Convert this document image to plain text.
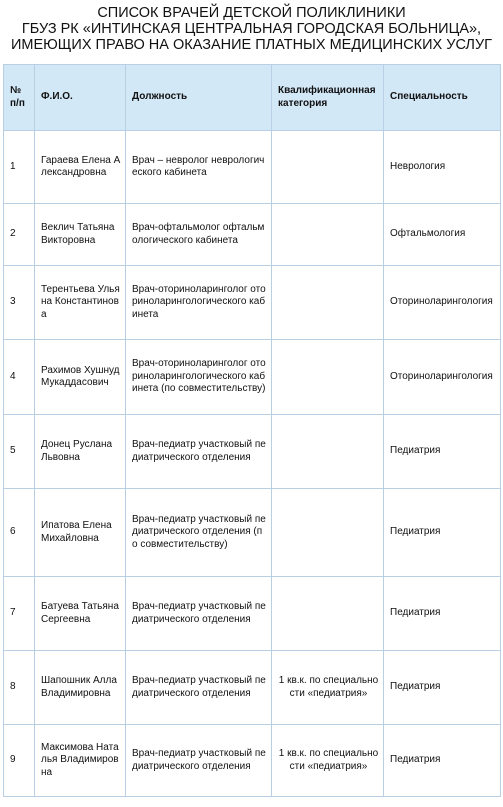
СПИСОК ВРАЧЕЙ ДЕТСКОЙ ПОЛИКЛИНИКИ
ГБУЗ РК «ИНТИНСКАЯ ЦЕНТРАЛЬНАЯ ГОРОДСКАЯ БОЛЬНИЦА»,
ИМЕЮЩИХ ПРАВО НА ОКАЗАНИЕ ПЛАТНЫХ МЕДИЦИНСКИХ УСЛУГ
№ п/п	Ф.И.О.	Должность	Квалификационная категория	Специальность
1	Гараева Елена Александровна	Врач – невролог неврологического кабинета		Неврология
2	Веклич Татьяна Викторовна	Врач-офтальмолог офтальмологического кабинета		Офтальмология
3	Терентьева Ульяна Константинова	Врач-оториноларинголог оториноларингологического кабинета		Оториноларингология
4	Рахимов Хушнуд Мукаддасович	Врач-оториноларинголог оториноларингологического кабинета (по совместительству)		Оториноларингология
5	Донец Руслана Львовна	Врач-педиатр участковый педиатрического отделения		Педиатрия
6	Ипатова Елена Михайловна	Врач-педиатр участковый педиатрического отделения (по совместительству)		Педиатрия
7	Батуева Татьяна Сергеевна	Врач-педиатр участковый педиатрического отделения		Педиатрия
8	Шапошник Алла Владимировна	Врач-педиатр участковый педиатрического отделения	1 кв.к. по специальности «педиатрия»	Педиатрия
9	Максимова Наталья Владимировна	Врач-педиатр участковый педиатрического отделения	1 кв.к. по специальности «педиатрия»	Педиатрия
